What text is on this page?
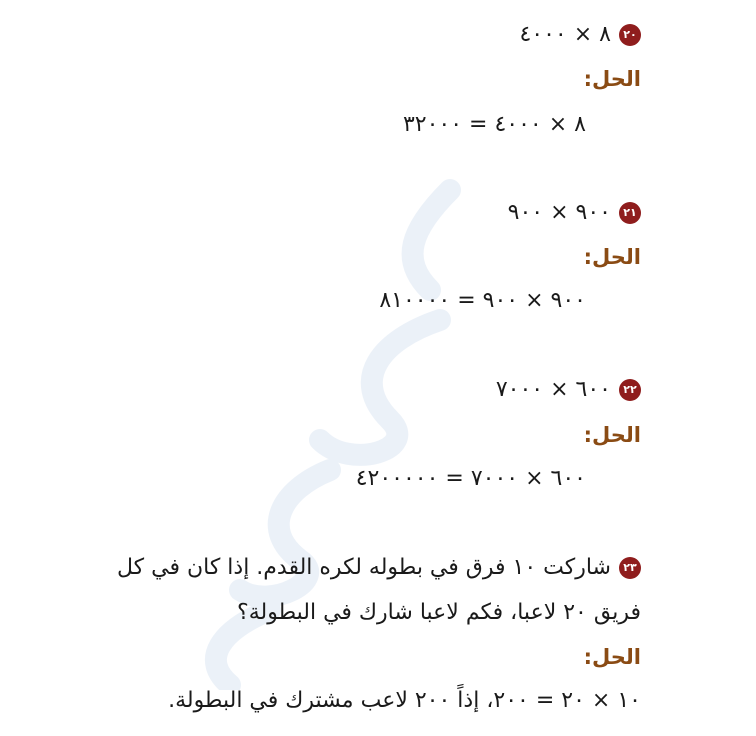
٢٠٨ × ٤٠٠٠
الحل:
٨ × ٤٠٠٠ = ٣٢٠٠٠
٢١٩٠٠ × ٩٠٠
الحل:
٩٠٠ × ٩٠٠ = ٨١٠٠٠٠
٢٢٦٠٠ × ٧٠٠٠
الحل:
٦٠٠ × ٧٠٠٠ = ٤٢٠٠٠٠٠
٢٣شاركت ١٠ فرق في بطوله لكره القدم. إذا كان في كل
فريق ٢٠ لاعبا، فكم لاعبا شارك في البطولة؟
الحل:
١٠ × ٢٠ = ٢٠٠، إذاً ٢٠٠ لاعب مشترك في البطولة.
